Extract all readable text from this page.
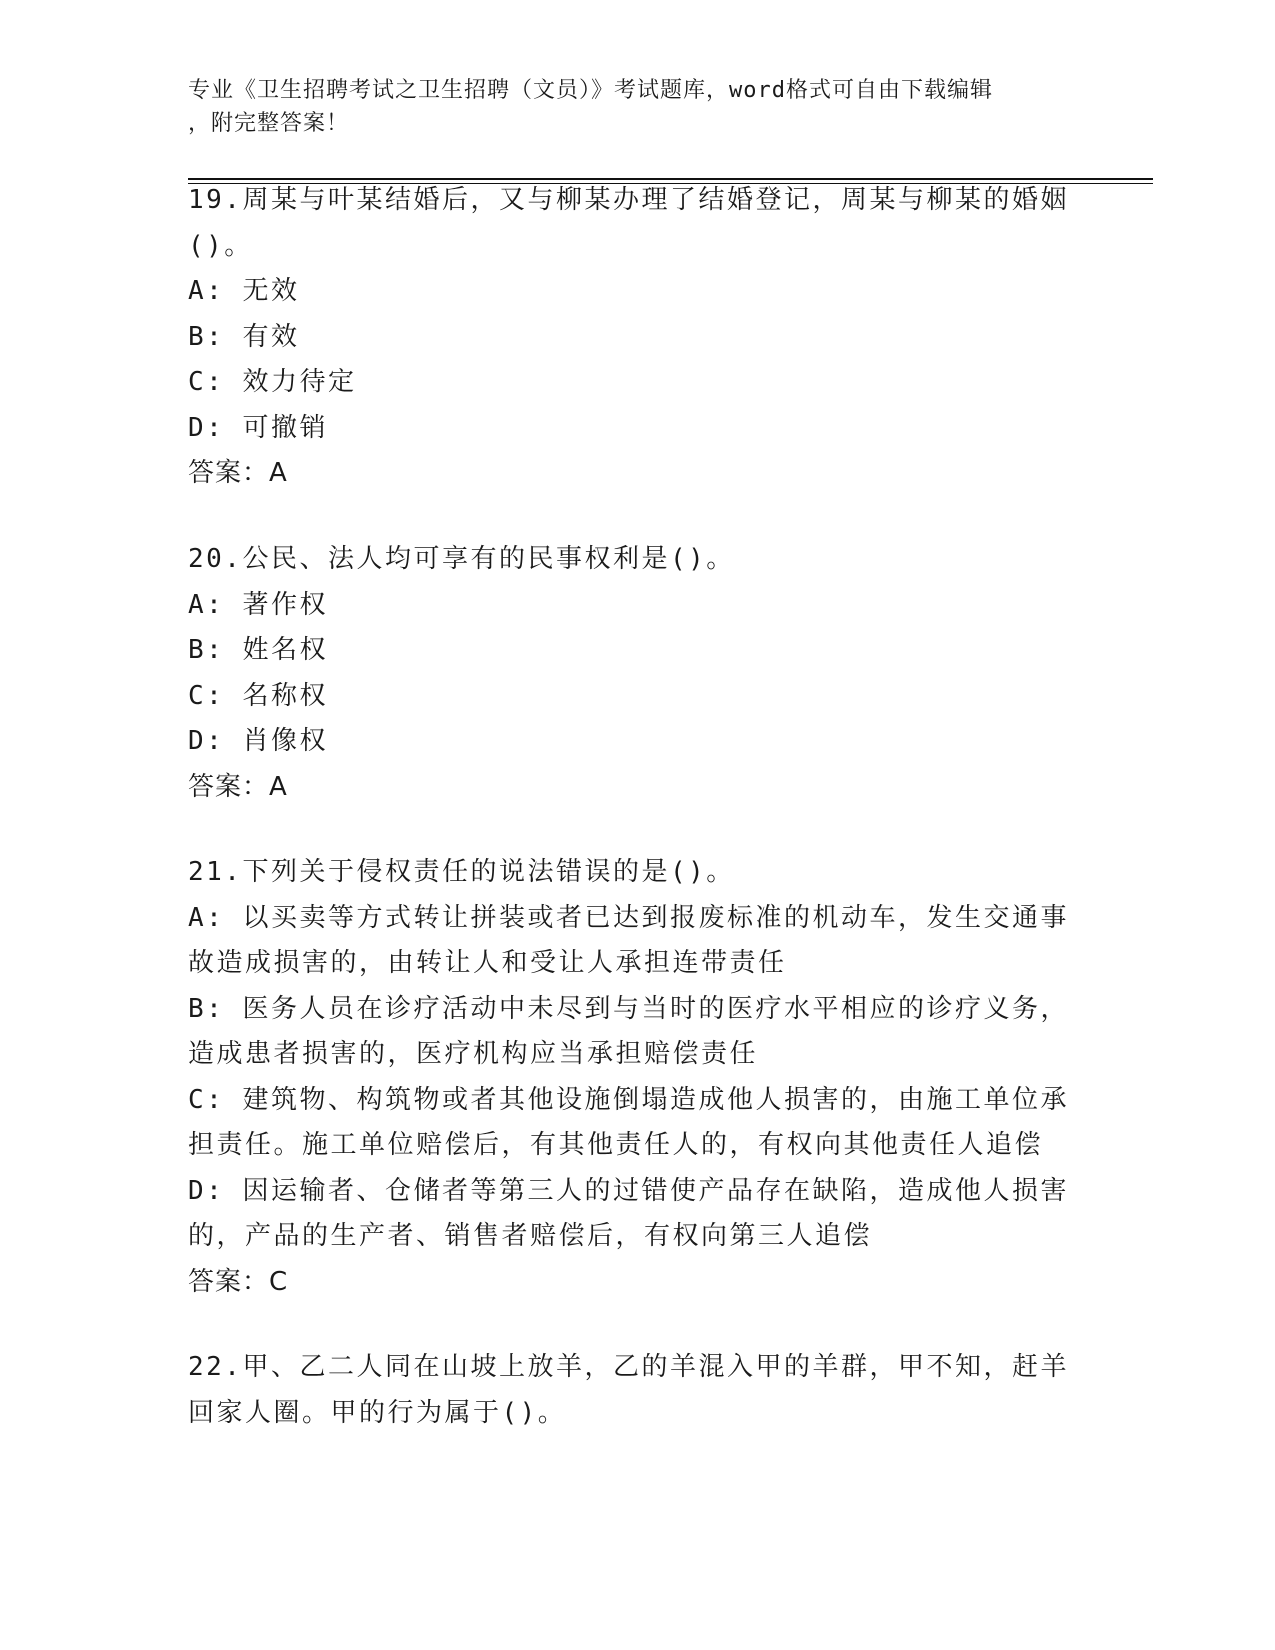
专业《卫生招聘考试之卫生招聘（文员）》考试题库，word格式可自由下载编辑
，附完整答案！
19.周某与叶某结婚后，又与柳某办理了结婚登记，周某与柳某的婚姻
()。
A: 无效
B: 有效
C: 效力待定
D: 可撤销
答案：A
20.公民、法人均可享有的民事权利是()。
A: 著作权
B: 姓名权
C: 名称权
D: 肖像权
答案：A
21.下列关于侵权责任的说法错误的是()。
A: 以买卖等方式转让拼装或者已达到报废标准的机动车，发生交通事
故造成损害的，由转让人和受让人承担连带责任
B: 医务人员在诊疗活动中未尽到与当时的医疗水平相应的诊疗义务，
造成患者损害的，医疗机构应当承担赔偿责任
C: 建筑物、构筑物或者其他设施倒塌造成他人损害的，由施工单位承
担责任。施工单位赔偿后，有其他责任人的，有权向其他责任人追偿
D: 因运输者、仓储者等第三人的过错使产品存在缺陷，造成他人损害
的，产品的生产者、销售者赔偿后，有权向第三人追偿
答案：C
22.甲、乙二人同在山坡上放羊，乙的羊混入甲的羊群，甲不知，赶羊
回家人圈。甲的行为属于()。
